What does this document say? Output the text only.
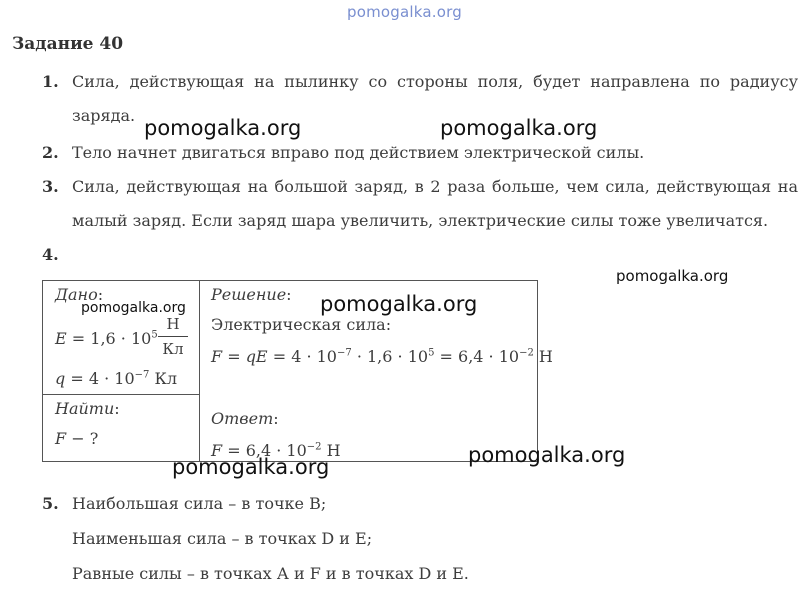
pomogalka.org
Задание 40
1. Сила, действующая на пылинку со стороны поля, будет направлена по радиусу
заряда.
2. Тело начнет двигаться вправо под действием электрической силы.
3. Сила, действующая на большой заряд, в 2 раза больше, чем сила, действующая на
малый заряд. Если заряд шара увеличить, электрические силы тоже увеличатся.
4.
Дано:
$E = 1,6 \cdot 10^5$
Н
Кл
$q = 4 \cdot 10^{-7}$ Кл
Найти:
F − ?
Решение:
Электрическая сила:
F = qE = $4 \cdot 10^{-7} \cdot 1,6 \cdot 10^5 = 6,4 \cdot 10^{-2}$ Н
Ответ:
$F = 6,4 \cdot 10^{-2}$ Н
5. Наибольшая сила – в точке В;
Наименьшая сила – в точках D и E;
Равные силы – в точках А и F и в точках D и E.
pomogalka.org	pomogalka.org
pomogalka.org
pomogalka.org	pomogalka.org
pomogalka.org	pomogalka.org
